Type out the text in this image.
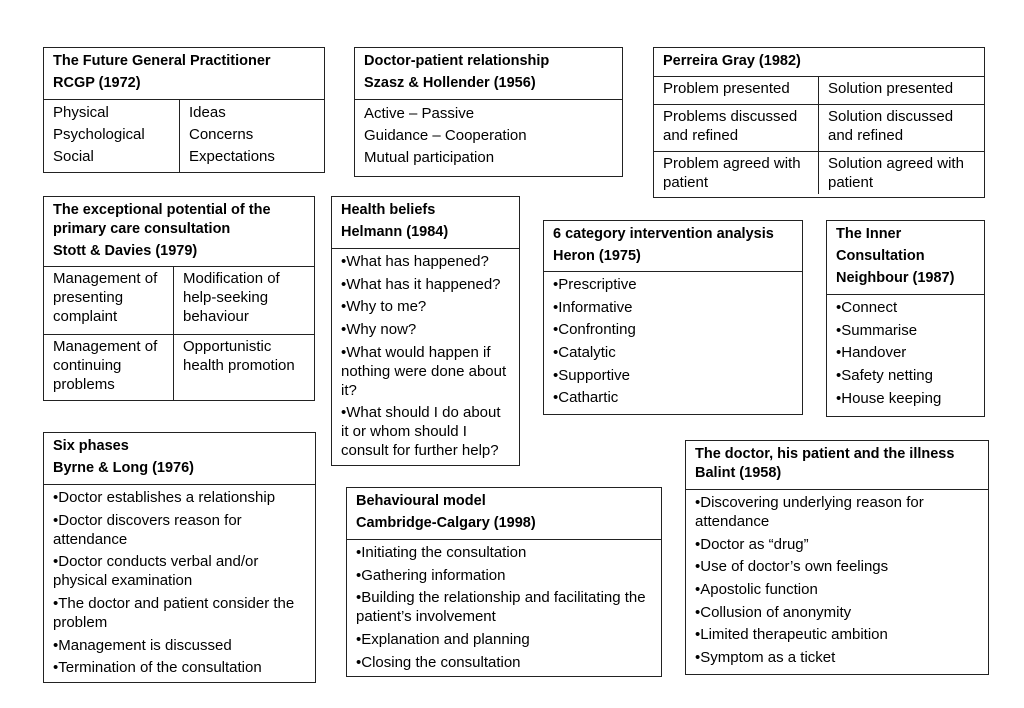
The Future General Practitioner
RCGP (1972)
Physical
Psychological
Social
Ideas
Concerns
Expectations
Doctor-patient relationship
Szasz & Hollender (1956)
Active – Passive
Guidance – Cooperation
Mutual participation
Perreira Gray (1982)
Problem presented	Solution presented
Problems discussed and refined
Solution discussed and refined
Problem agreed with patient
Solution agreed with patient
The exceptional potential of the primary care consultation
Stott & Davies (1979)
Management of presenting complaint
Modification of help-seeking behaviour
Management of continuing problems
Opportunistic health promotion
Health beliefs
Helmann (1984)
•What has happened?
•What has it happened?
•Why to me?
•Why now?
•What would happen if nothing were done about it?
•What should I do about it or whom should I consult for further help?
6 category intervention analysis
Heron (1975)
•Prescriptive
•Informative
•Confronting
•Catalytic
•Supportive
•Cathartic
The Inner
Consultation
Neighbour (1987)
•Connect
•Summarise
•Handover
•Safety netting
•House keeping
Six phases
Byrne & Long (1976)
•Doctor establishes a relationship
•Doctor discovers reason for attendance
•Doctor conducts verbal and/or physical examination
•The doctor and patient consider the problem
•Management is discussed
•Termination of the consultation
Behavioural model
Cambridge-Calgary (1998)
•Initiating the consultation
•Gathering information
•Building the relationship and facilitating the patient’s involvement
•Explanation and planning
•Closing the consultation
The doctor, his patient and the illness
Balint (1958)
•Discovering underlying reason for attendance
•Doctor as “drug”
•Use of doctor’s own feelings
•Apostolic function
•Collusion of anonymity
•Limited therapeutic ambition
•Symptom as a ticket
